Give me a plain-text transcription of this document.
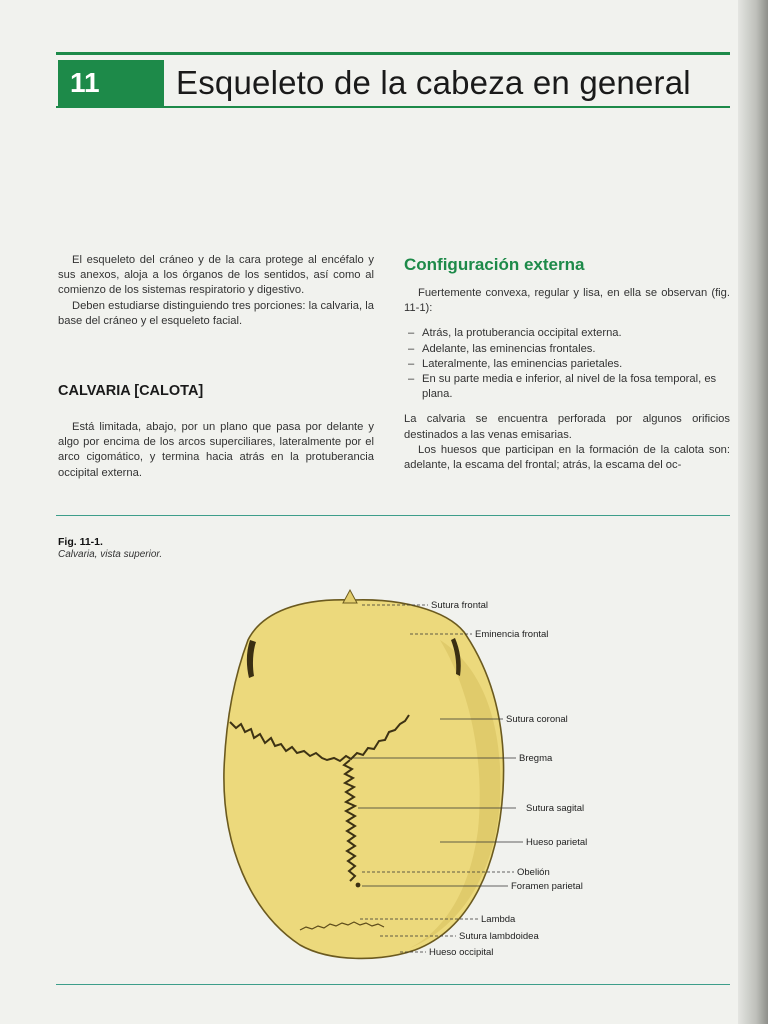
11	Esqueleto de la cabeza en general

El esqueleto del cráneo y de la cara protege al encéfalo y sus anexos, aloja a los órganos de los sentidos, así como al comienzo de los sistemas respiratorio y digestivo.

Deben estudiarse distinguiendo tres porciones: la calvaria, la base del cráneo y el esqueleto facial.

CALVARIA [CALOTA]

Está limitada, abajo, por un plano que pasa por delante y algo por encima de los arcos superciliares, lateralmente por el arco cigomático, y termina hacia atrás en la protuberancia occipital externa.

Configuración externa

Fuertemente convexa, regular y lisa, en ella se observan (fig. 11-1):

– Atrás, la protuberancia occipital externa.
– Adelante, las eminencias frontales.
– Lateralmente, las eminencias parietales.
– En su parte media e inferior, al nivel de la fosa temporal, es plana.

La calvaria se encuentra perforada por algunos orificios destinados a las venas emisarias.

Los huesos que participan en la formación de la calota son: adelante, la escama del frontal; atrás, la escama del oc-

Fig. 11-1.
Calvaria, vista superior.
Sutura frontal
Eminencia frontal
Sutura coronal
Bregma
Sutura sagital
Hueso parietal
Obelión
Foramen parietal
Lambda
Sutura lambdoidea
Hueso occipital
